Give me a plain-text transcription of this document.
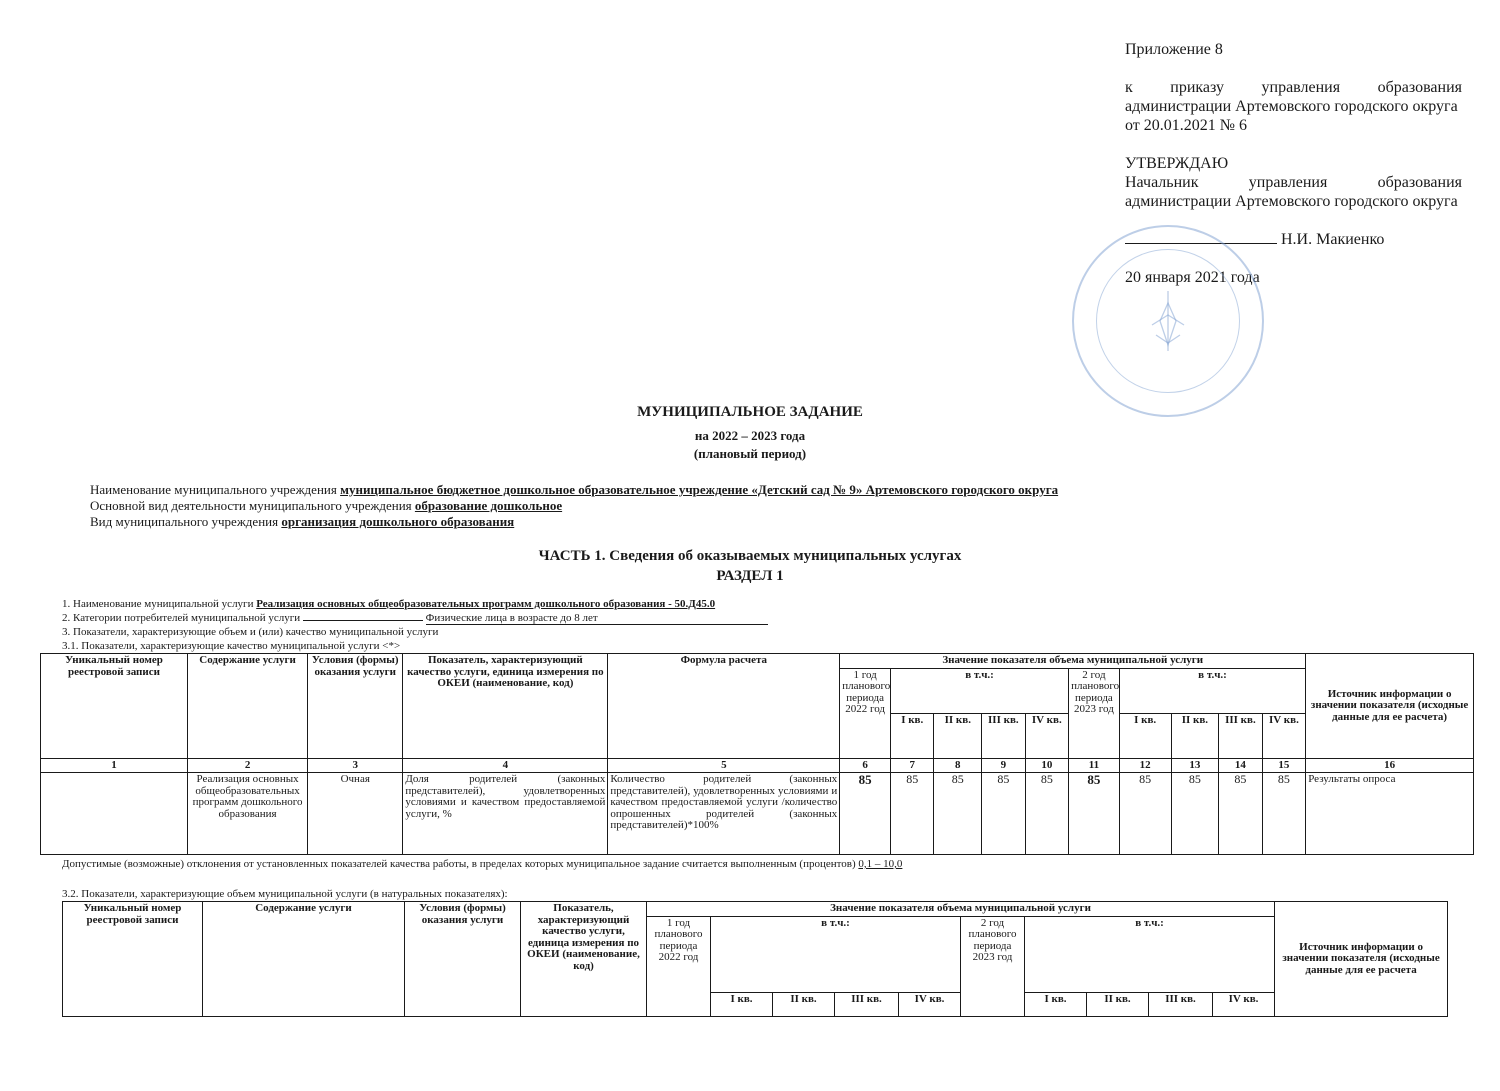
Приложение 8

к приказу управления образования администрации Артемовского городского округа

от 20.01.2021 № 6

УТВЕРЖДАЮ

Начальник управления образования администрации Артемовского городского округа

Н.И. Макиенко

20 января 2021 года

МУНИЦИПАЛЬНОЕ ЗАДАНИЕ
на 2022 – 2023 года
(плановый период)
Наименование муниципального учреждения муниципальное бюджетное дошкольное образовательное учреждение «Детский сад № 9» Артемовского городского округа
Основной вид деятельности муниципального учреждения образование дошкольное
Вид муниципального учреждения организация дошкольного образования
ЧАСТЬ 1. Сведения об оказываемых муниципальных услугах
РАЗДЕЛ 1
1. Наименование муниципальной услуги Реализация основных общеобразовательных программ дошкольного образования - 50.Д45.0
2. Категории потребителей муниципальной услуги	Физические лица в возрасте до 8 лет
3. Показатели, характеризующие объем и (или) качество муниципальной услуги
3.1. Показатели, характеризующие качество муниципальной услуги <*>
Уникальный номер реестровой записи	Содержание услуги	Условия (формы) оказания услуги	Показатель, характеризующий качество услуги, единица измерения по ОКЕИ (наименование, код)	Формула расчета	Значение показателя объема муниципальной услуги										Источник информации о значении показателя (исходные данные для ее расчета)
					1 год планового периода 2022 год	в т.ч.:				2 год планового периода 2023 год	в т.ч.:				
						I кв.	II кв.	III кв.	IV кв.		I кв.	II кв.	III кв.	IV кв.	
1	2	3	4	5	6	7	8	9	10	11	12	13	14	15	16
	Реализация основных общеобразовательных программ дошкольного образования	Очная	Доля родителей (законных представителей), удовлетворенных условиями и качеством предоставляемой услуги, %	Количество родителей (законных представителей), удовлетворенных условиями и качеством предоставляемой услуги /количество опрошенных родителей (законных представителей)*100%	85	85	85	85	85	85	85	85	85	85	Результаты опроса
Допустимые (возможные) отклонения от установленных показателей качества работы, в пределах которых муниципальное задание считается выполненным (процентов) 0,1 – 10,0
3.2. Показатели, характеризующие объем муниципальной услуги (в натуральных показателях):
Уникальный номер реестровой записи	Содержание услуги	Условия (формы) оказания услуги	Показатель, характеризующий качество услуги, единица измерения по ОКЕИ (наименование, код)	Значение показателя объема муниципальной услуги										Источник информации о значении показателя (исходные данные для ее расчета
				1 год планового периода 2022 год	в т.ч.:				2 год планового периода 2023 год	в т.ч.:				
					I кв.	II кв.	III кв.	IV кв.		I кв.	II кв.	III кв.	IV кв.	
